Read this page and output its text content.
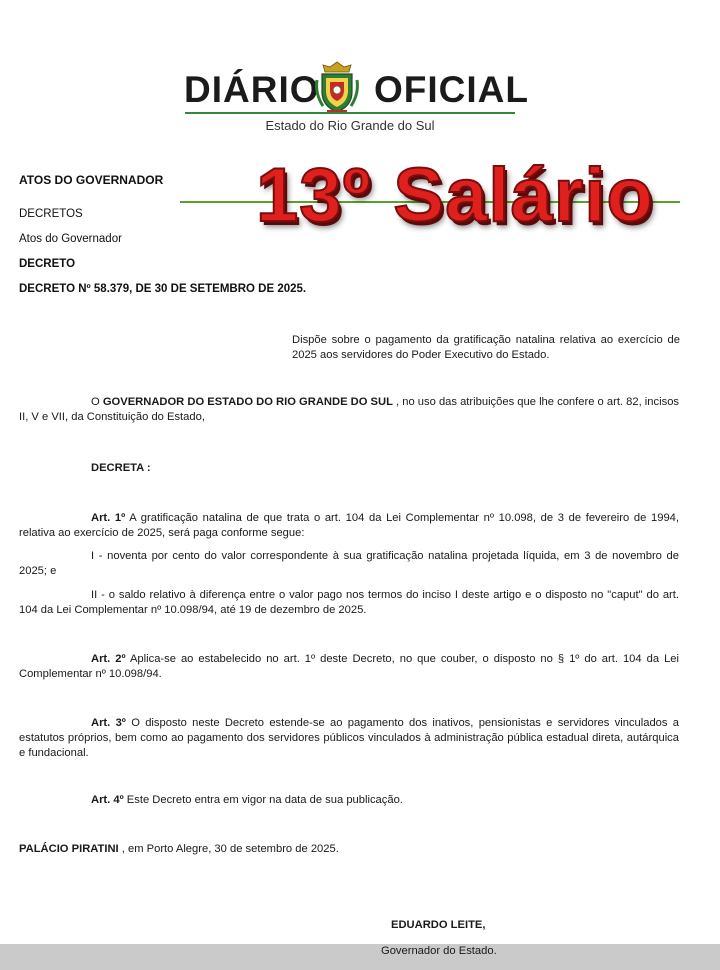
DIÁRIO OFICIAL
Estado do Rio Grande do Sul
ATOS DO GOVERNADOR
DECRETOS
Atos do Governador
DECRETO
DECRETO Nº 58.379, DE 30 DE SETEMBRO DE 2025.
13º Salário
Dispõe sobre o pagamento da gratificação natalina relativa ao exercício de 2025 aos servidores do Poder Executivo do Estado.
O GOVERNADOR DO ESTADO DO RIO GRANDE DO SUL , no uso das atribuições que lhe confere o art. 82, incisos II, V e VII, da Constituição do Estado,
DECRETA :
Art. 1º A gratificação natalina de que trata o art. 104 da Lei Complementar nº 10.098, de 3 de fevereiro de 1994, relativa ao exercício de 2025, será paga conforme segue:
I - noventa por cento do valor correspondente à sua gratificação natalina projetada líquida, em 3 de novembro de 2025; e
II - o saldo relativo à diferença entre o valor pago nos termos do inciso I deste artigo e o disposto no "caput" do art. 104 da Lei Complementar nº 10.098/94, até 19 de dezembro de 2025.
Art. 2º Aplica-se ao estabelecido no art. 1º deste Decreto, no que couber, o disposto no § 1º do art. 104 da Lei Complementar nº 10.098/94.
Art. 3º O disposto neste Decreto estende-se ao pagamento dos inativos, pensionistas e servidores vinculados a estatutos próprios, bem como ao pagamento dos servidores públicos vinculados à administração pública estadual direta, autárquica e fundacional.
Art. 4º Este Decreto entra em vigor na data de sua publicação.
PALÁCIO PIRATINI , em Porto Alegre, 30 de setembro de 2025.
EDUARDO LEITE,
Governador do Estado.
